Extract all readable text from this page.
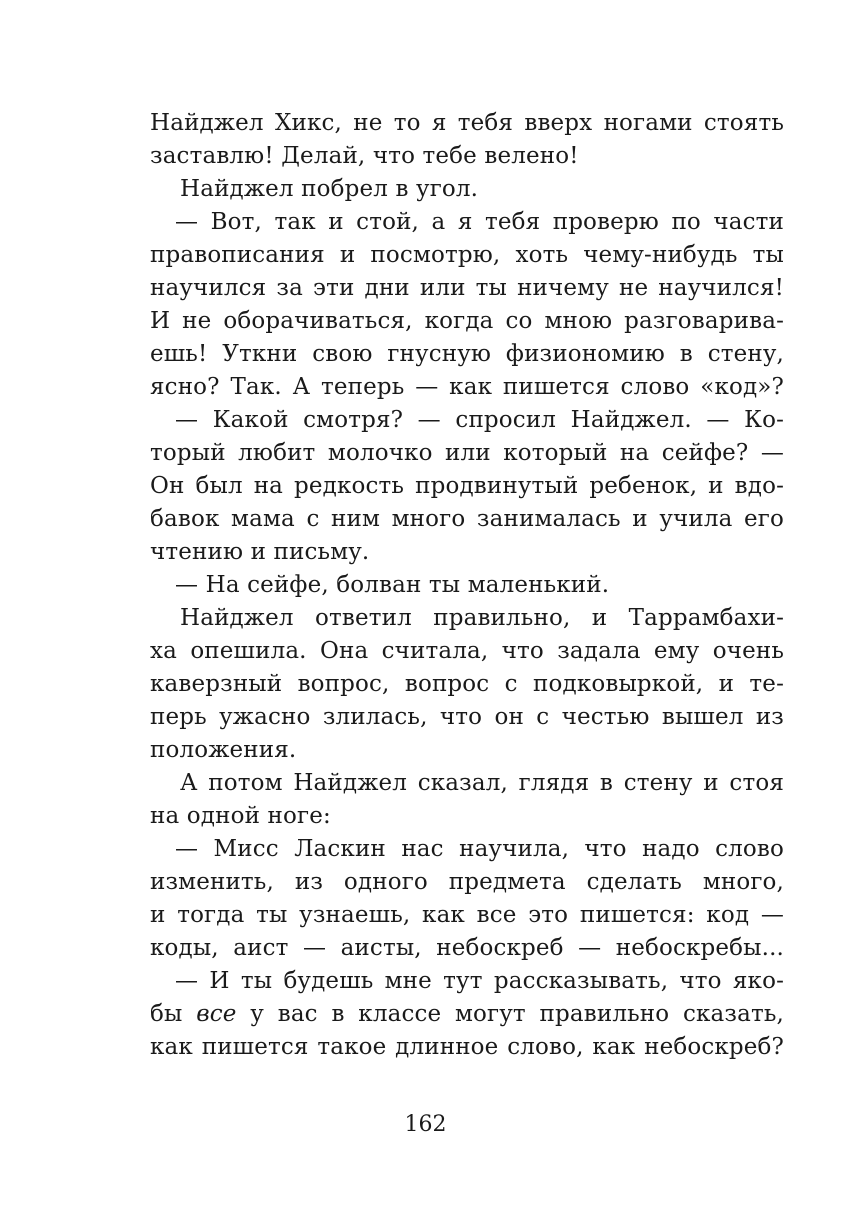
Найджел Хикс, не то я тебя вверх ногами стоять
заставлю! Делай, что тебе велено!
Найджел побрел в угол.
— Вот, так и стой, а я тебя проверю по части
правописания и посмотрю, хоть чему-нибудь ты
научился за эти дни или ты ничему не научился!
И не оборачиваться, когда со мною разговарива-
ешь! Уткни свою гнусную физиономию в стену,
ясно? Так. А теперь — как пишется слово «код»?
— Какой смотря? — спросил Найджел. — Ко-
торый любит молочко или который на сейфе? —
Он был на редкость продвинутый ребенок, и вдо-
бавок мама с ним много занималась и учила его
чтению и письму.
— На сейфе, болван ты маленький.
Найджел ответил правильно, и Таррамбахи-
ха опешила. Она считала, что задала ему очень
каверзный вопрос, вопрос с подковыркой, и те-
перь ужасно злилась, что он с честью вышел из
положения.
А потом Найджел сказал, глядя в стену и стоя
на одной ноге:
— Мисс Ласкин нас научила, что надо слово
изменить, из одного предмета сделать много,
и тогда ты узнаешь, как все это пишется: код —
коды, аист — аисты, небоскреб — небоскребы...
— И ты будешь мне тут рассказывать, что яко-
бы все у вас в классе могут правильно сказать,
как пишется такое длинное слово, как небоскреб?
162
